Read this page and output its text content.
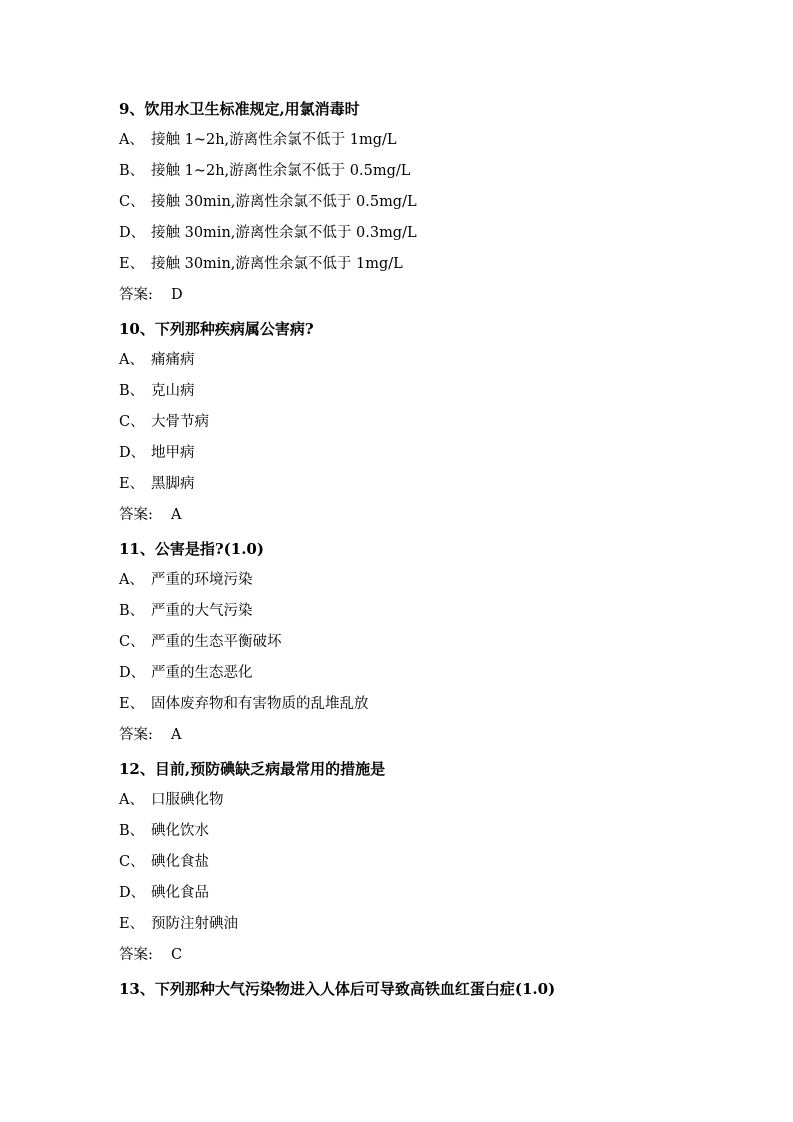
9、饮用水卫生标准规定,用氯消毒时
A、 接触 1~2h,游离性余氯不低于 1mg/L
B、 接触 1~2h,游离性余氯不低于 0.5mg/L
C、 接触 30min,游离性余氯不低于 0.5mg/L
D、 接触 30min,游离性余氯不低于 0.3mg/L
E、 接触 30min,游离性余氯不低于 1mg/L
答案: D
10、下列那种疾病属公害病?
A、 痛痛病
B、 克山病
C、 大骨节病
D、 地甲病
E、 黑脚病
答案: A
11、公害是指?(1.0)
A、 严重的环境污染
B、 严重的大气污染
C、 严重的生态平衡破坏
D、 严重的生态恶化
E、 固体废弃物和有害物质的乱堆乱放
答案: A
12、目前,预防碘缺乏病最常用的措施是
A、 口服碘化物
B、 碘化饮水
C、 碘化食盐
D、 碘化食品
E、 预防注射碘油
答案: C
13、下列那种大气污染物进入人体后可导致高铁血红蛋白症(1.0)
